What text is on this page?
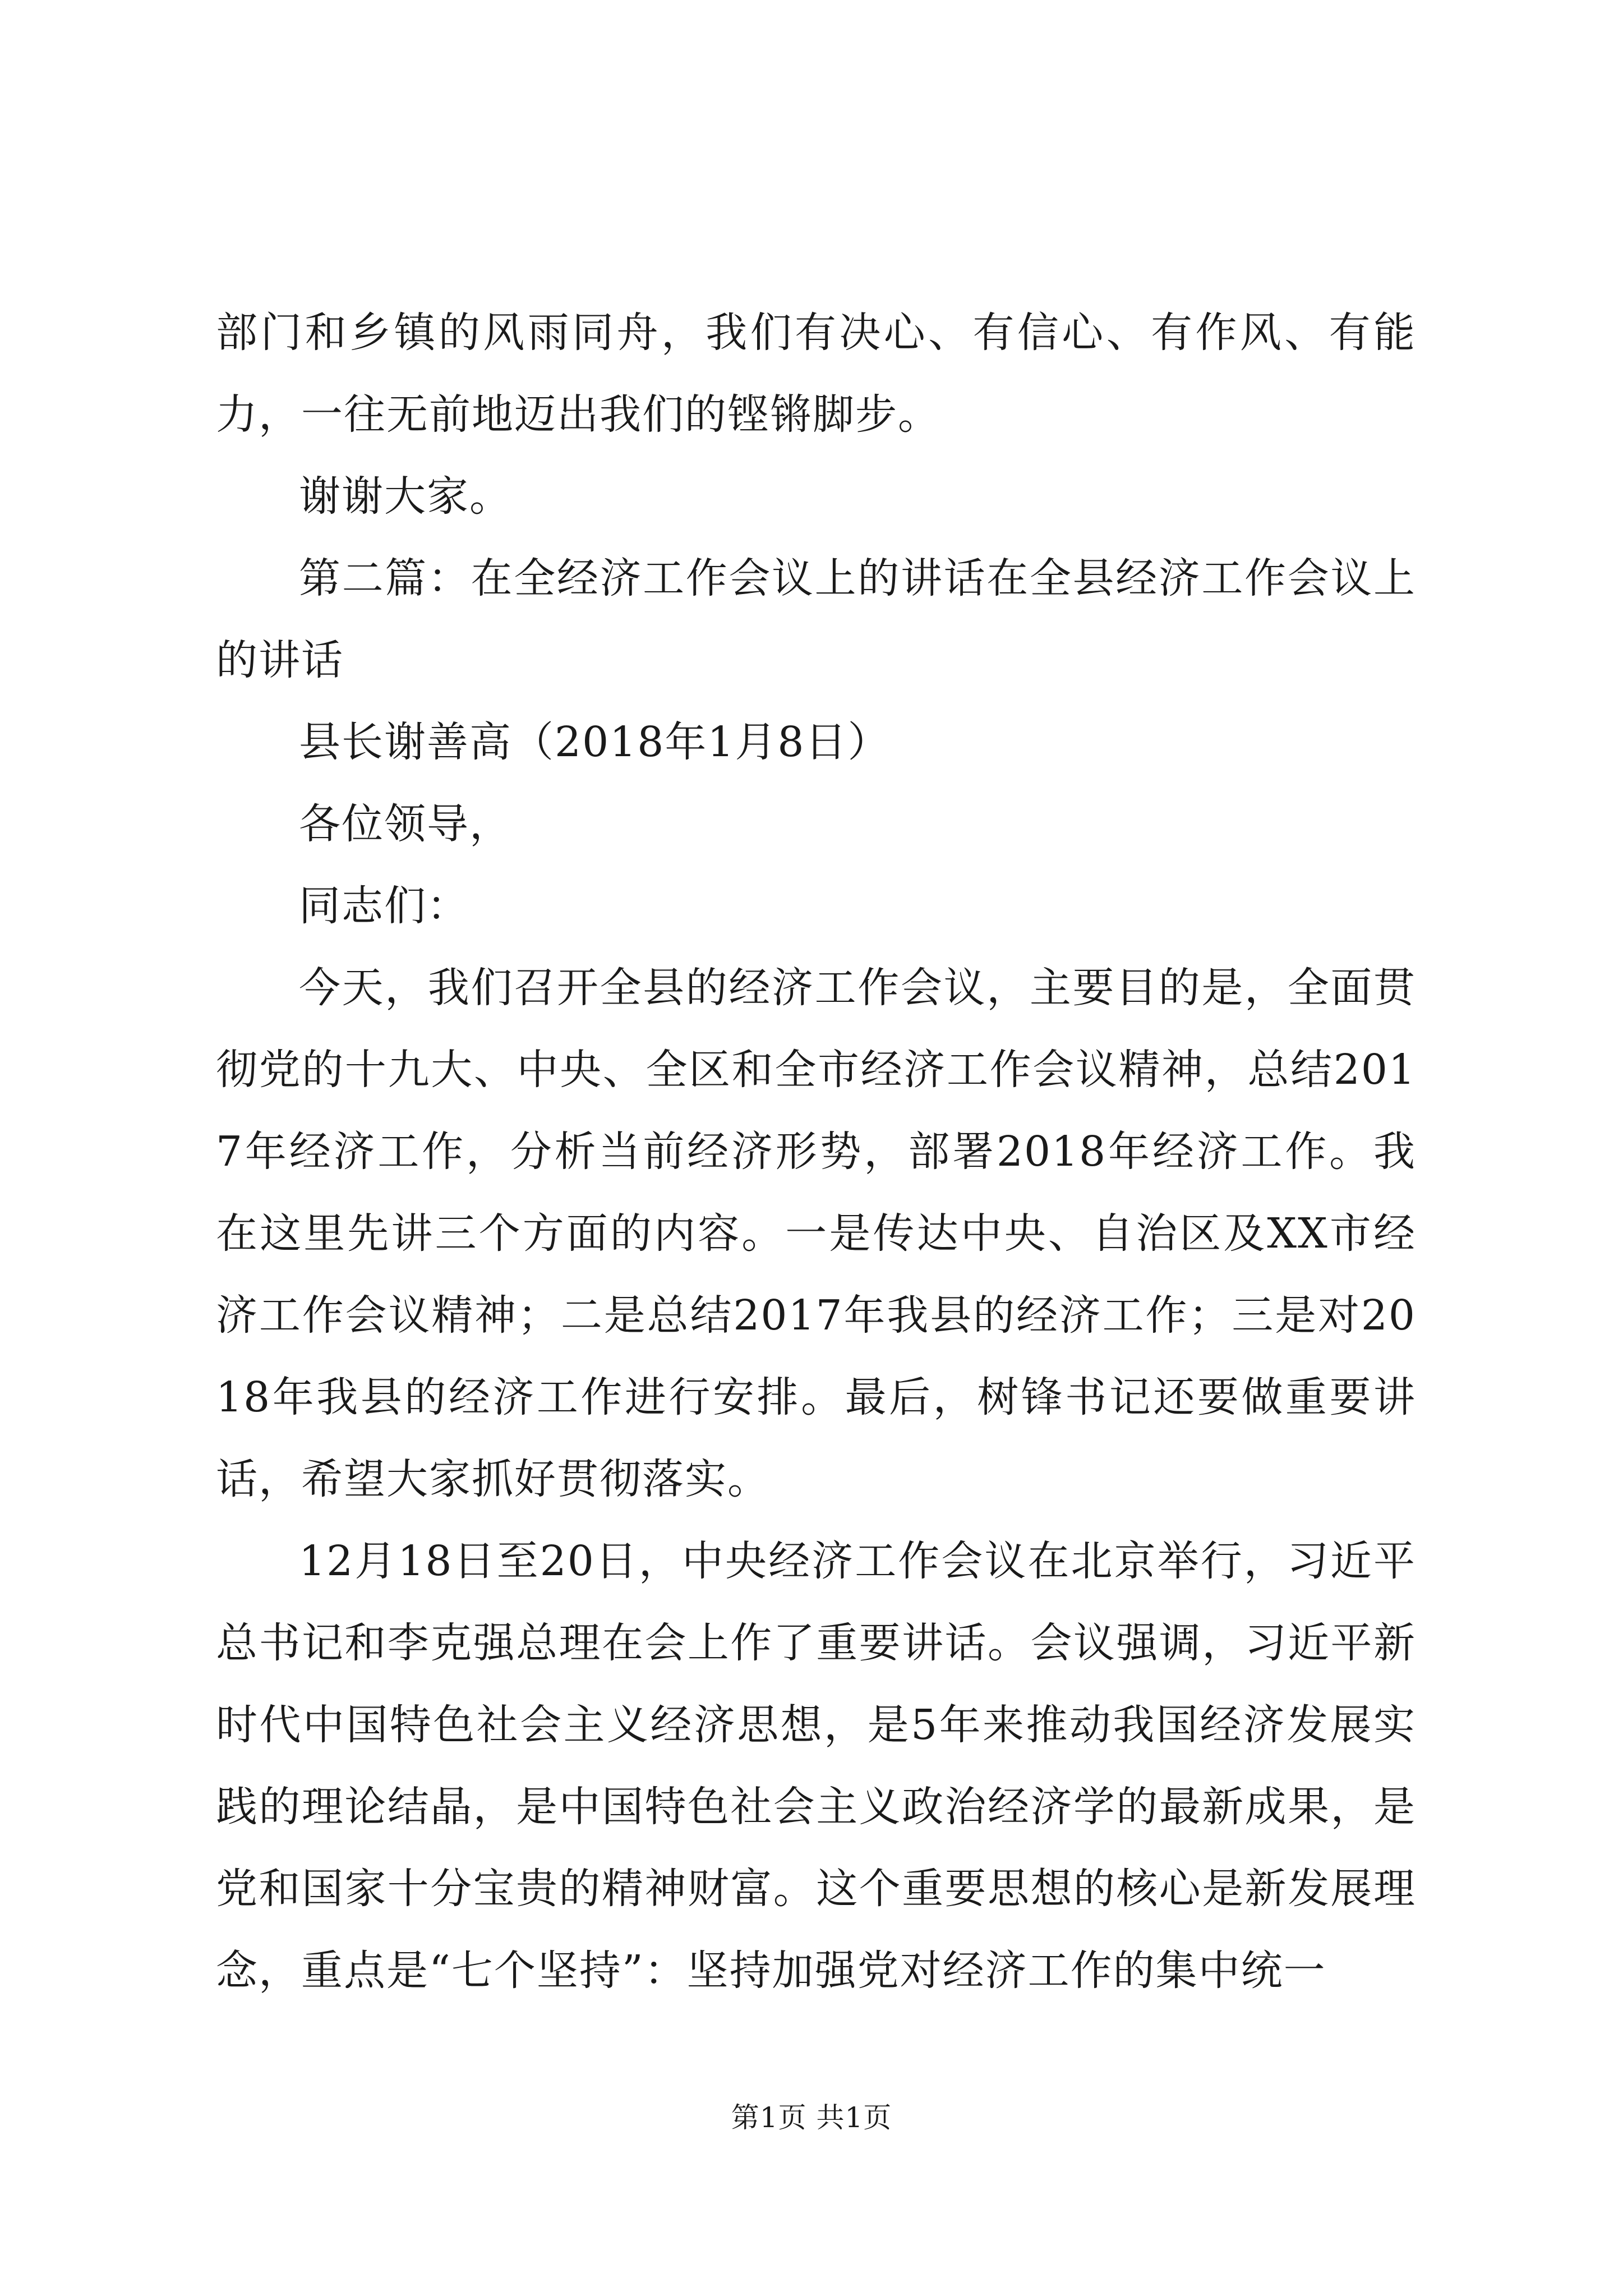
部门和乡镇的风雨同舟，我们有决心、有信心、有作风、有能力，一往无前地迈出我们的铿锵脚步。

谢谢大家。

第二篇：在全经济工作会议上的讲话在全县经济工作会议上的讲话

县长谢善高（2018年1月8日）

各位领导，

同志们：

今天，我们召开全县的经济工作会议，主要目的是，全面贯彻党的十九大、中央、全区和全市经济工作会议精神，总结2017年经济工作，分析当前经济形势，部署2018年经济工作。我在这里先讲三个方面的内容。一是传达中央、自治区及XX市经济工作会议精神；二是总结2017年我县的经济工作；三是对2018年我县的经济工作进行安排。最后，树锋书记还要做重要讲话，希望大家抓好贯彻落实。

12月18日至20日，中央经济工作会议在北京举行，习近平总书记和李克强总理在会上作了重要讲话。会议强调，习近平新时代中国特色社会主义经济思想，是5年来推动我国经济发展实践的理论结晶，是中国特色社会主义政治经济学的最新成果，是党和国家十分宝贵的精神财富。这个重要思想的核心是新发展理念，重点是“七个坚持”：坚持加强党对经济工作的集中统一

第1页 共1页
